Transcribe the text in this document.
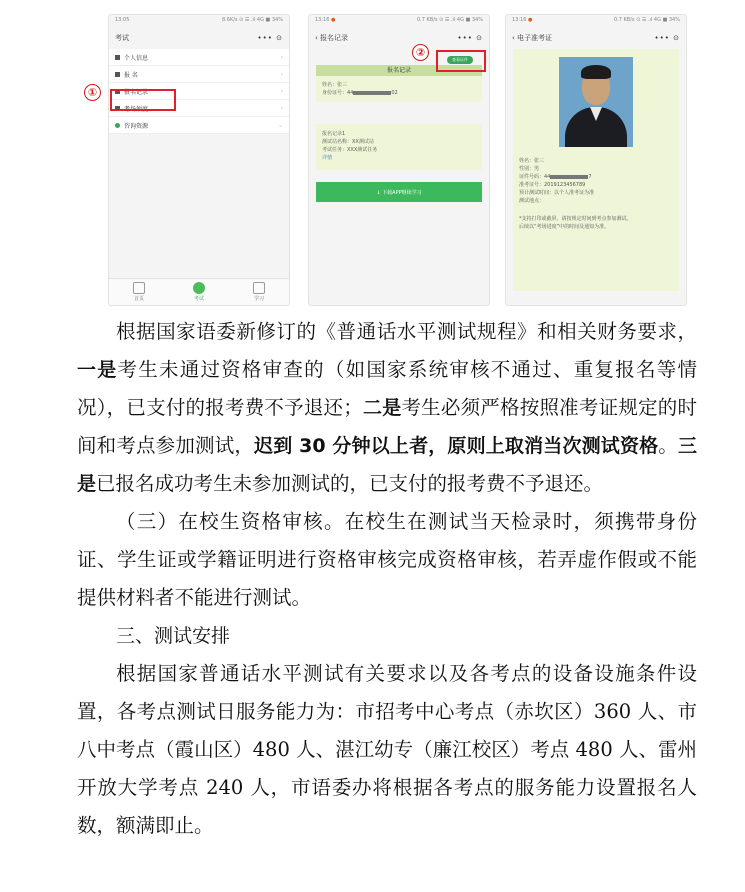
13:05	8.6K/s ⊙ ☰ .ıl 4G ■ 34%
考试	••• ⊙
个人信息	›
报 名	›
报名记录	›
考场须度	›
咨询资源	⌄
首页	考试	学习
①
13:16 ●	0.7 KB/s ⊙ ☰ .ıl 4G ■ 34%
‹ 报名记录	••• ⊙
报名记录
姓名：张三
身份证号：44	02
报名记录1
测试站名称：XX测试站
考试任务：XXX测试任务
详情
↓ 下载APP继续学习
查看证件
②
13:16 ●	0.7 KB/s ⊙ ☰ .ıl 4G ■ 34%
‹ 电子准考证	••• ⊙
姓名：张三
性别：男
证件号码：44	7
准考证号：2019123456789
预计测试时间：以个人准考证为准
测试地点：
*支持打印或截屏，请按规定时间到考点参加测试。
后续以“考场进度”中的时间及通知为准。

根据国家语委新修订的《普通话水平测试规程》和相关财务要求，一是考生未通过资格审查的（如国家系统审核不通过、重复报名等情况），已支付的报考费不予退还；二是考生必须严格按照准考证规定的时间和考点参加测试，迟到 30 分钟以上者，原则上取消当次测试资格。三是已报名成功考生未参加测试的，已支付的报考费不予退还。

（三）在校生资格审核。在校生在测试当天检录时，须携带身份证、学生证或学籍证明进行资格审核完成资格审核，若弄虚作假或不能提供材料者不能进行测试。

三、测试安排

根据国家普通话水平测试有关要求以及各考点的设备设施条件设置，各考点测试日服务能力为：市招考中心考点（赤坎区）360 人、市八中考点（霞山区）480 人、湛江幼专（廉江校区）考点 480 人、雷州开放大学考点 240 人，市语委办将根据各考点的服务能力设置报名人数，额满即止。
